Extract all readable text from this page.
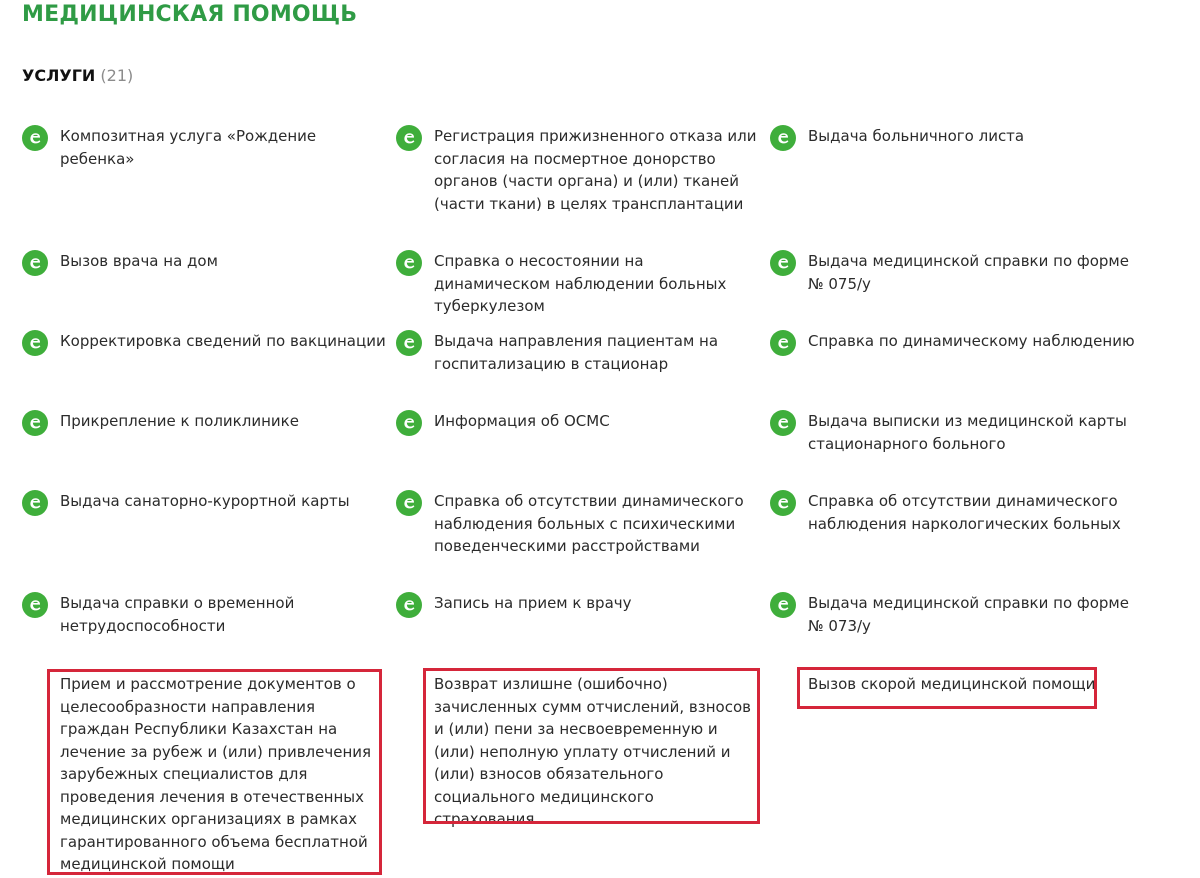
МЕДИЦИНСКАЯ ПОМОЩЬ
УСЛУГИ (21)
Композитная услуга «Рождение ребенка»
Регистрация прижизненного отказа или согласия на посмертное донорство органов (части органа) и (или) тканей (части ткани) в целях трансплантации
Выдача больничного листа
Вызов врача на дом	Справка о несостоянии на динамическом наблюдении больных туберкулезом
Выдача медицинской справки по форме № 075/у
Корректировка сведений по вакцинации	Выдача направления пациентам на госпитализацию в стационар
Справка по динамическому наблюдению
Прикрепление к поликлинике	Информация об ОСМС	Выдача выписки из медицинской карты стационарного больного
Выдача санаторно-курортной карты	Справка об отсутствии динамического наблюдения больных с психическими поведенческими расстройствами
Справка об отсутствии динамического наблюдения наркологических больных
Выдача справки о временной нетрудоспособности
Запись на прием к врачу	Выдача медицинской справки по форме № 073/у
Прием и рассмотрение документов о целесообразности направления граждан Республики Казахстан на лечение за рубеж и (или) привлечения зарубежных специалистов для проведения лечения в отечественных медицинских организациях в рамках гарантированного объема бесплатной медицинской помощи
Возврат излишне (ошибочно) зачисленных сумм отчислений, взносов и (или) пени за несвоевременную и (или) неполную уплату отчислений и (или) взносов обязательного социального медицинского страхования
Вызов скорой медицинской помощи
